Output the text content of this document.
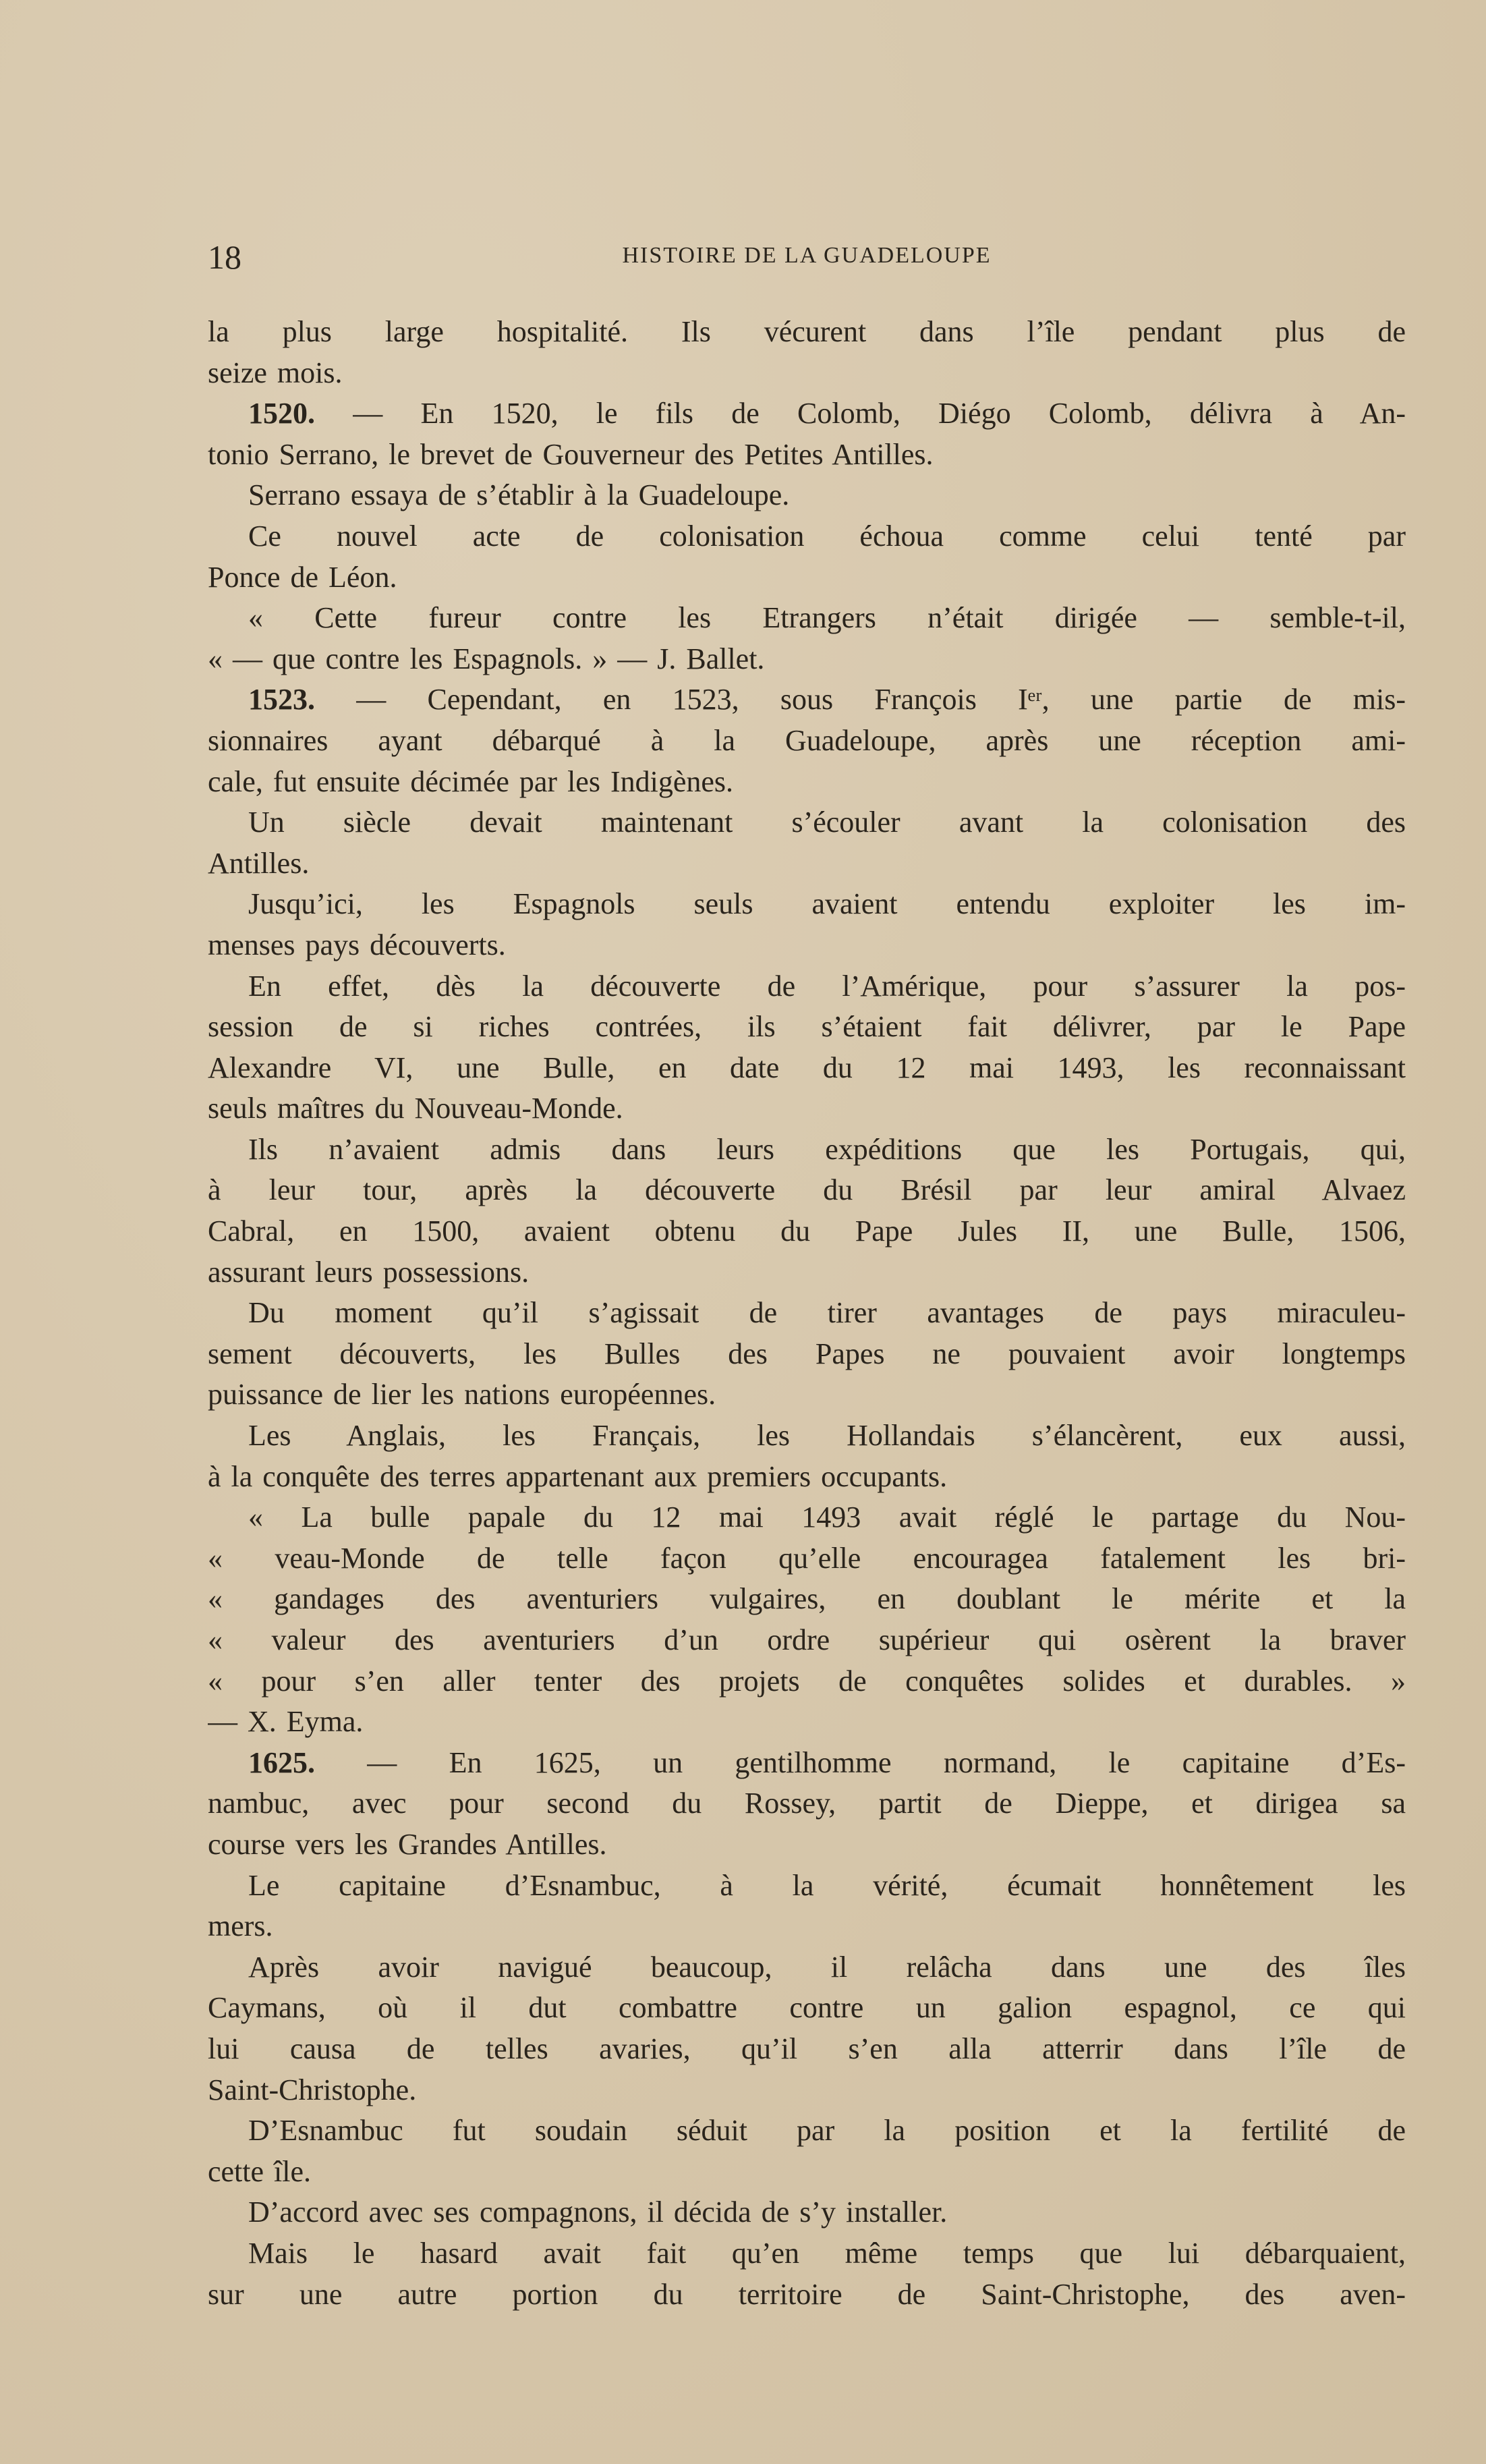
18	HISTOIRE DE LA GUADELOUPE
la plus large hospitalité. Ils vécurent dans l’île pendant plus de
seize mois.
1520. — En 1520, le fils de Colomb, Diégo Colomb, délivra à An-
tonio Serrano, le brevet de Gouverneur des Petites Antilles.
Serrano essaya de s’établir à la Guadeloupe.
Ce nouvel acte de colonisation échoua comme celui tenté par
Ponce de Léon.
« Cette fureur contre les Etrangers n’était dirigée — semble-t-il,
« — que contre les Espagnols. » — J. Ballet.
1523. — Cependant, en 1523, sous François Iᵉʳ, une partie de mis-
sionnaires ayant débarqué à la Guadeloupe, après une réception ami-
cale, fut ensuite décimée par les Indigènes.
Un siècle devait maintenant s’écouler avant la colonisation des
Antilles.
Jusqu’ici, les Espagnols seuls avaient entendu exploiter les im-
menses pays découverts.
En effet, dès la découverte de l’Amérique, pour s’assurer la pos-
session de si riches contrées, ils s’étaient fait délivrer, par le Pape
Alexandre VI, une Bulle, en date du 12 mai 1493, les reconnaissant
seuls maîtres du Nouveau-Monde.
Ils n’avaient admis dans leurs expéditions que les Portugais, qui,
à leur tour, après la découverte du Brésil par leur amiral Alvaez
Cabral, en 1500, avaient obtenu du Pape Jules II, une Bulle, 1506,
assurant leurs possessions.
Du moment qu’il s’agissait de tirer avantages de pays miraculeu-
sement découverts, les Bulles des Papes ne pouvaient avoir longtemps
puissance de lier les nations européennes.
Les Anglais, les Français, les Hollandais s’élancèrent, eux aussi,
à la conquête des terres appartenant aux premiers occupants.
« La bulle papale du 12 mai 1493 avait réglé le partage du Nou-
« veau-Monde de telle façon qu’elle encouragea fatalement les bri-
« gandages des aventuriers vulgaires, en doublant le mérite et la
« valeur des aventuriers d’un ordre supérieur qui osèrent la braver
« pour s’en aller tenter des projets de conquêtes solides et durables. »
— X. Eyma.
1625. — En 1625, un gentilhomme normand, le capitaine d’Es-
nambuc, avec pour second du Rossey, partit de Dieppe, et dirigea sa
course vers les Grandes Antilles.
Le capitaine d’Esnambuc, à la vérité, écumait honnêtement les
mers.
Après avoir navigué beaucoup, il relâcha dans une des îles
Caymans, où il dut combattre contre un galion espagnol, ce qui
lui causa de telles avaries, qu’il s’en alla atterrir dans l’île de
Saint-Christophe.
D’Esnambuc fut soudain séduit par la position et la fertilité de
cette île.
D’accord avec ses compagnons, il décida de s’y installer.
Mais le hasard avait fait qu’en même temps que lui débarquaient,
sur une autre portion du territoire de Saint-Christophe, des aven-
